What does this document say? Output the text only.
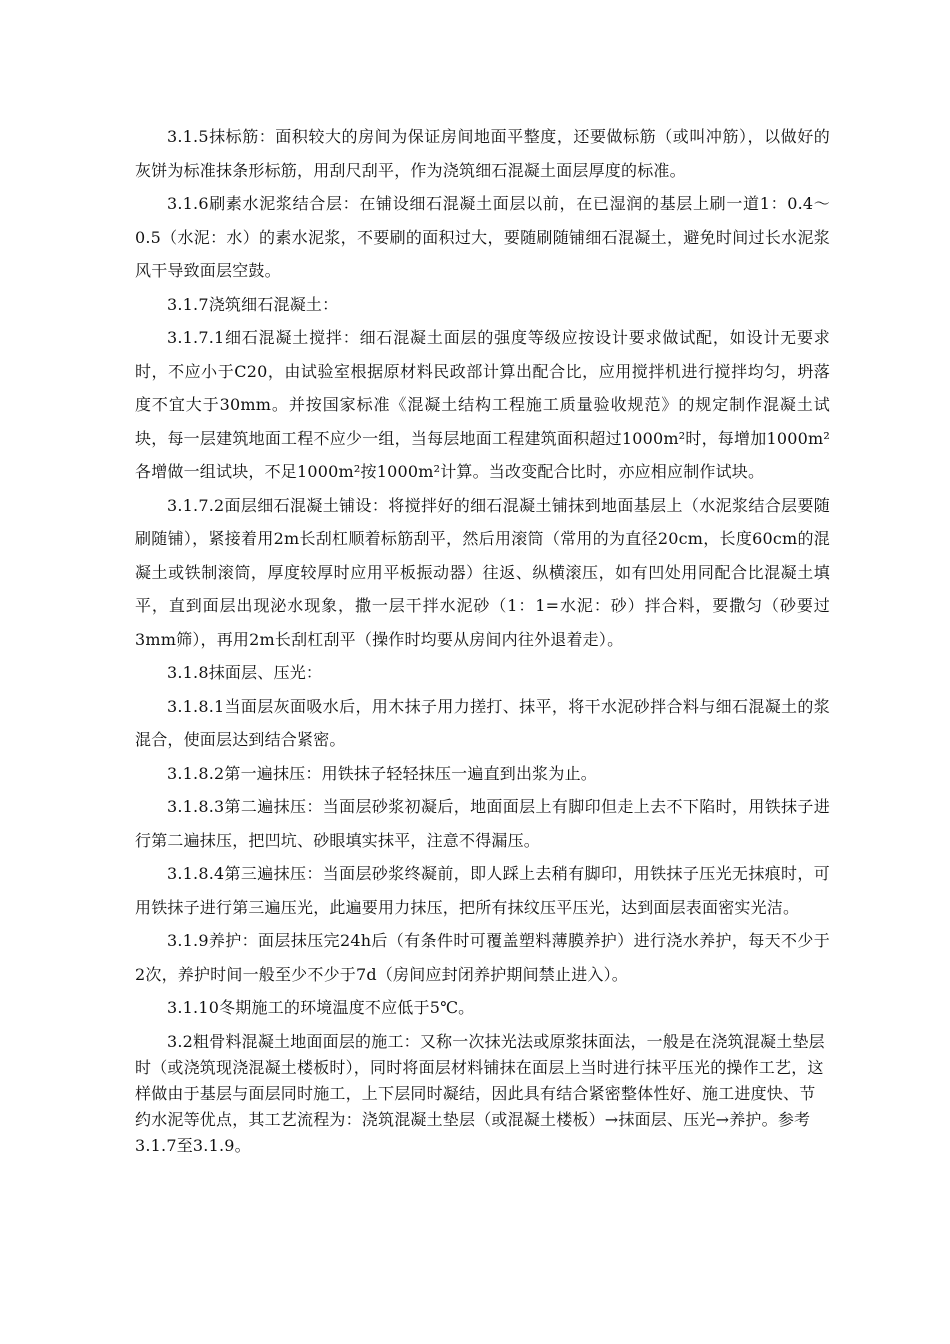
3.1.5抹标筋：面积较大的房间为保证房间地面平整度，还要做标筋（或叫冲筋），以做好的灰饼为标准抹条形标筋，用刮尺刮平，作为浇筑细石混凝土面层厚度的标准。

3.1.6刷素水泥浆结合层：在铺设细石混凝土面层以前，在已湿润的基层上刷一道1：0.4～0.5（水泥：水）的素水泥浆，不要刷的面积过大，要随刷随铺细石混凝土，避免时间过长水泥浆风干导致面层空鼓。

3.1.7浇筑细石混凝土：

3.1.7.1细石混凝土搅拌：细石混凝土面层的强度等级应按设计要求做试配，如设计无要求时，不应小于C20，由试验室根据原材料民政部计算出配合比，应用搅拌机进行搅拌均匀，坍落度不宜大于30mm。并按国家标准《混凝土结构工程施工质量验收规范》的规定制作混凝土试块，每一层建筑地面工程不应少一组，当每层地面工程建筑面积超过1000m²时，每增加1000m²各增做一组试块，不足1000m²按1000m²计算。当改变配合比时，亦应相应制作试块。

3.1.7.2面层细石混凝土铺设：将搅拌好的细石混凝土铺抹到地面基层上（水泥浆结合层要随刷随铺），紧接着用2m长刮杠顺着标筋刮平，然后用滚筒（常用的为直径20cm，长度60cm的混凝土或铁制滚筒，厚度较厚时应用平板振动器）往返、纵横滚压，如有凹处用同配合比混凝土填平，直到面层出现泌水现象，撒一层干拌水泥砂（1：1=水泥：砂）拌合料，要撒匀（砂要过3mm筛），再用2m长刮杠刮平（操作时均要从房间内往外退着走）。

3.1.8抹面层、压光：

3.1.8.1当面层灰面吸水后，用木抹子用力搓打、抹平，将干水泥砂拌合料与细石混凝土的浆混合，使面层达到结合紧密。

3.1.8.2第一遍抹压：用铁抹子轻轻抹压一遍直到出浆为止。

3.1.8.3第二遍抹压：当面层砂浆初凝后，地面面层上有脚印但走上去不下陷时，用铁抹子进行第二遍抹压，把凹坑、砂眼填实抹平，注意不得漏压。

3.1.8.4第三遍抹压：当面层砂浆终凝前，即人踩上去稍有脚印，用铁抹子压光无抹痕时，可用铁抹子进行第三遍压光，此遍要用力抹压，把所有抹纹压平压光，达到面层表面密实光洁。

3.1.9养护：面层抹压完24h后（有条件时可覆盖塑料薄膜养护）进行浇水养护，每天不少于2次，养护时间一般至少不少于7d（房间应封闭养护期间禁止进入）。

3.1.10冬期施工的环境温度不应低于5℃。

3.2粗骨料混凝土地面面层的施工：又称一次抹光法或原浆抹面法，一般是在浇筑混凝土垫层时（或浇筑现浇混凝土楼板时），同时将面层材料铺抹在面层上当时进行抹平压光的操作工艺，这样做由于基层与面层同时施工，上下层同时凝结，因此具有结合紧密整体性好、施工进度快、节约水泥等优点，其工艺流程为：浇筑混凝土垫层（或混凝土楼板）→抹面层、压光→养护。参考3.1.7至3.1.9。
